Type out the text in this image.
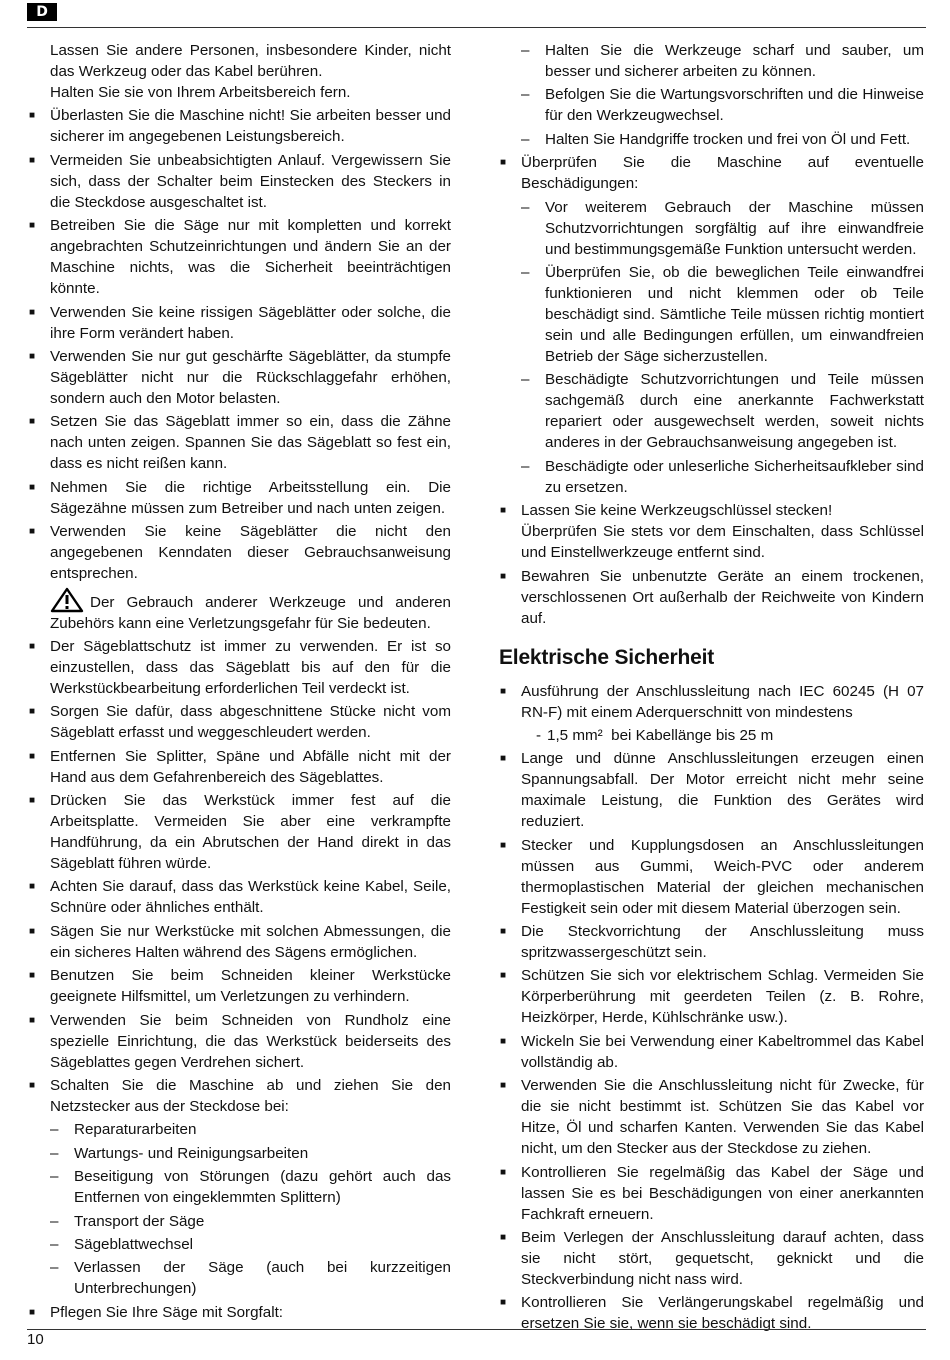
D
Lassen Sie andere Personen, insbesondere Kinder, nicht das Werkzeug oder das Kabel berühren.
Halten Sie sie von Ihrem Arbeitsbereich fern.
■ Überlasten Sie die Maschine nicht! Sie arbeiten besser und sicherer im angegebenen Leistungsbereich.
■ Vermeiden Sie unbeabsichtigten Anlauf. Vergewissern Sie sich, dass der Schalter beim Einstecken des Steckers in die Steckdose ausgeschaltet ist.
■ Betreiben Sie die Säge nur mit kompletten und korrekt angebrachten Schutzeinrichtungen und ändern Sie an der Maschine nichts, was die Sicherheit beeinträchtigen könnte.
■ Verwenden Sie keine rissigen Sägeblätter oder solche, die ihre Form verändert haben.
■ Verwenden Sie nur gut geschärfte Sägeblätter, da stumpfe Sägeblätter nicht nur die Rückschlaggefahr erhöhen, sondern auch den Motor belasten.
■ Setzen Sie das Sägeblatt immer so ein, dass die Zähne nach unten zeigen. Spannen Sie das Sägeblatt so fest ein, dass es nicht reißen kann.
■ Nehmen Sie die richtige Arbeitsstellung ein. Die Sägezähne müssen zum Betreiber und nach unten zeigen.
■ Verwenden Sie keine Sägeblätter die nicht den angegebenen Kenndaten dieser Gebrauchsanweisung entsprechen.
Der Gebrauch anderer Werkzeuge und anderen Zubehörs kann eine Verletzungsgefahr für Sie bedeuten.
■ Der Sägeblattschutz ist immer zu verwenden. Er ist so einzustellen, dass das Sägeblatt bis auf den für die Werkstückbearbeitung erforderlichen Teil verdeckt ist.
■ Sorgen Sie dafür, dass abgeschnittene Stücke nicht vom Sägeblatt erfasst und weggeschleudert werden.
■ Entfernen Sie Splitter, Späne und Abfälle nicht mit der Hand aus dem Gefahrenbereich des Sägeblattes.
■ Drücken Sie das Werkstück immer fest auf die Arbeitsplatte. Vermeiden Sie aber eine verkrampfte Handführung, da ein Abrutschen der Hand direkt in das Sägeblatt führen würde.
■ Achten Sie darauf, dass das Werkstück keine Kabel, Seile, Schnüre oder ähnliches enthält.
■ Sägen Sie nur Werkstücke mit solchen Abmessungen, die ein sicheres Halten während des Sägens ermöglichen.
■ Benutzen Sie beim Schneiden kleiner Werkstücke geeignete Hilfsmittel, um Verletzungen zu verhindern.
■ Verwenden Sie beim Schneiden von Rundholz eine spezielle Einrichtung, die das Werkstück beiderseits des Sägeblattes gegen Verdrehen sichert.
■ Schalten Sie die Maschine ab und ziehen Sie den Netzstecker aus der Steckdose bei:
– Reparaturarbeiten
– Wartungs- und Reinigungsarbeiten
– Beseitigung von Störungen (dazu gehört auch das Entfernen von eingeklemmten Splittern)
– Transport der Säge
– Sägeblattwechsel
– Verlassen der Säge (auch bei kurzzeitigen Unterbrechungen)
■ Pflegen Sie Ihre Säge mit Sorgfalt:
– Halten Sie die Werkzeuge scharf und sauber, um besser und sicherer arbeiten zu können.
– Befolgen Sie die Wartungsvorschriften und die Hinweise für den Werkzeugwechsel.
– Halten Sie Handgriffe trocken und frei von Öl und Fett.
■ Überprüfen Sie die Maschine auf eventuelle Beschädigungen:
– Vor weiterem Gebrauch der Maschine müssen Schutzvorrichtungen sorgfältig auf ihre einwandfreie und bestimmungsgemäße Funktion untersucht werden.
– Überprüfen Sie, ob die beweglichen Teile einwandfrei funktionieren und nicht klemmen oder ob Teile beschädigt sind. Sämtliche Teile müssen richtig montiert sein und alle Bedingungen erfüllen, um einwandfreien Betrieb der Säge sicherzustellen.
– Beschädigte Schutzvorrichtungen und Teile müssen sachgemäß durch eine anerkannte Fachwerkstatt repariert oder ausgewechselt werden, soweit nichts anderes in der Gebrauchsanweisung angegeben ist.
– Beschädigte oder unleserliche Sicherheitsaufkleber sind zu ersetzen.
■ Lassen Sie keine Werkzeugschlüssel stecken!
Überprüfen Sie stets vor dem Einschalten, dass Schlüssel und Einstellwerkzeuge entfernt sind.
■ Bewahren Sie unbenutzte Geräte an einem trockenen, verschlossenen Ort außerhalb der Reichweite von Kindern auf.
Elektrische Sicherheit
■ Ausführung der Anschlussleitung nach IEC 60245 (H 07 RN-F) mit einem Aderquerschnitt von mindestens
- 1,5 mm²  bei Kabellänge bis 25 m
■ Lange und dünne Anschlussleitungen erzeugen einen Spannungsabfall. Der Motor erreicht nicht mehr seine maximale Leistung, die Funktion des Gerätes wird reduziert.
■ Stecker und Kupplungsdosen an Anschlussleitungen müssen aus Gummi, Weich-PVC oder anderem thermoplastischen Material der gleichen mechanischen Festigkeit sein oder mit diesem Material überzogen sein.
■ Die Steckvorrichtung der Anschlussleitung muss spritzwassergeschützt sein.
■ Schützen Sie sich vor elektrischem Schlag. Vermeiden Sie Körperberührung mit geerdeten Teilen (z. B. Rohre, Heizkörper, Herde, Kühlschränke usw.).
■ Wickeln Sie bei Verwendung einer Kabeltrommel das Kabel vollständig ab.
■ Verwenden Sie die Anschlussleitung nicht für Zwecke, für die sie nicht bestimmt ist. Schützen Sie das Kabel vor Hitze, Öl und scharfen Kanten. Verwenden Sie das Kabel nicht, um den Stecker aus der Steckdose zu ziehen.
■ Kontrollieren Sie regelmäßig das Kabel der Säge und lassen Sie es bei Beschädigungen von einer anerkannten Fachkraft erneuern.
■ Beim Verlegen der Anschlussleitung darauf achten, dass sie nicht stört, gequetscht, geknickt und die Steckverbindung nicht nass wird.
■ Kontrollieren Sie Verlängerungskabel regelmäßig und ersetzen Sie sie, wenn sie beschädigt sind.
10
